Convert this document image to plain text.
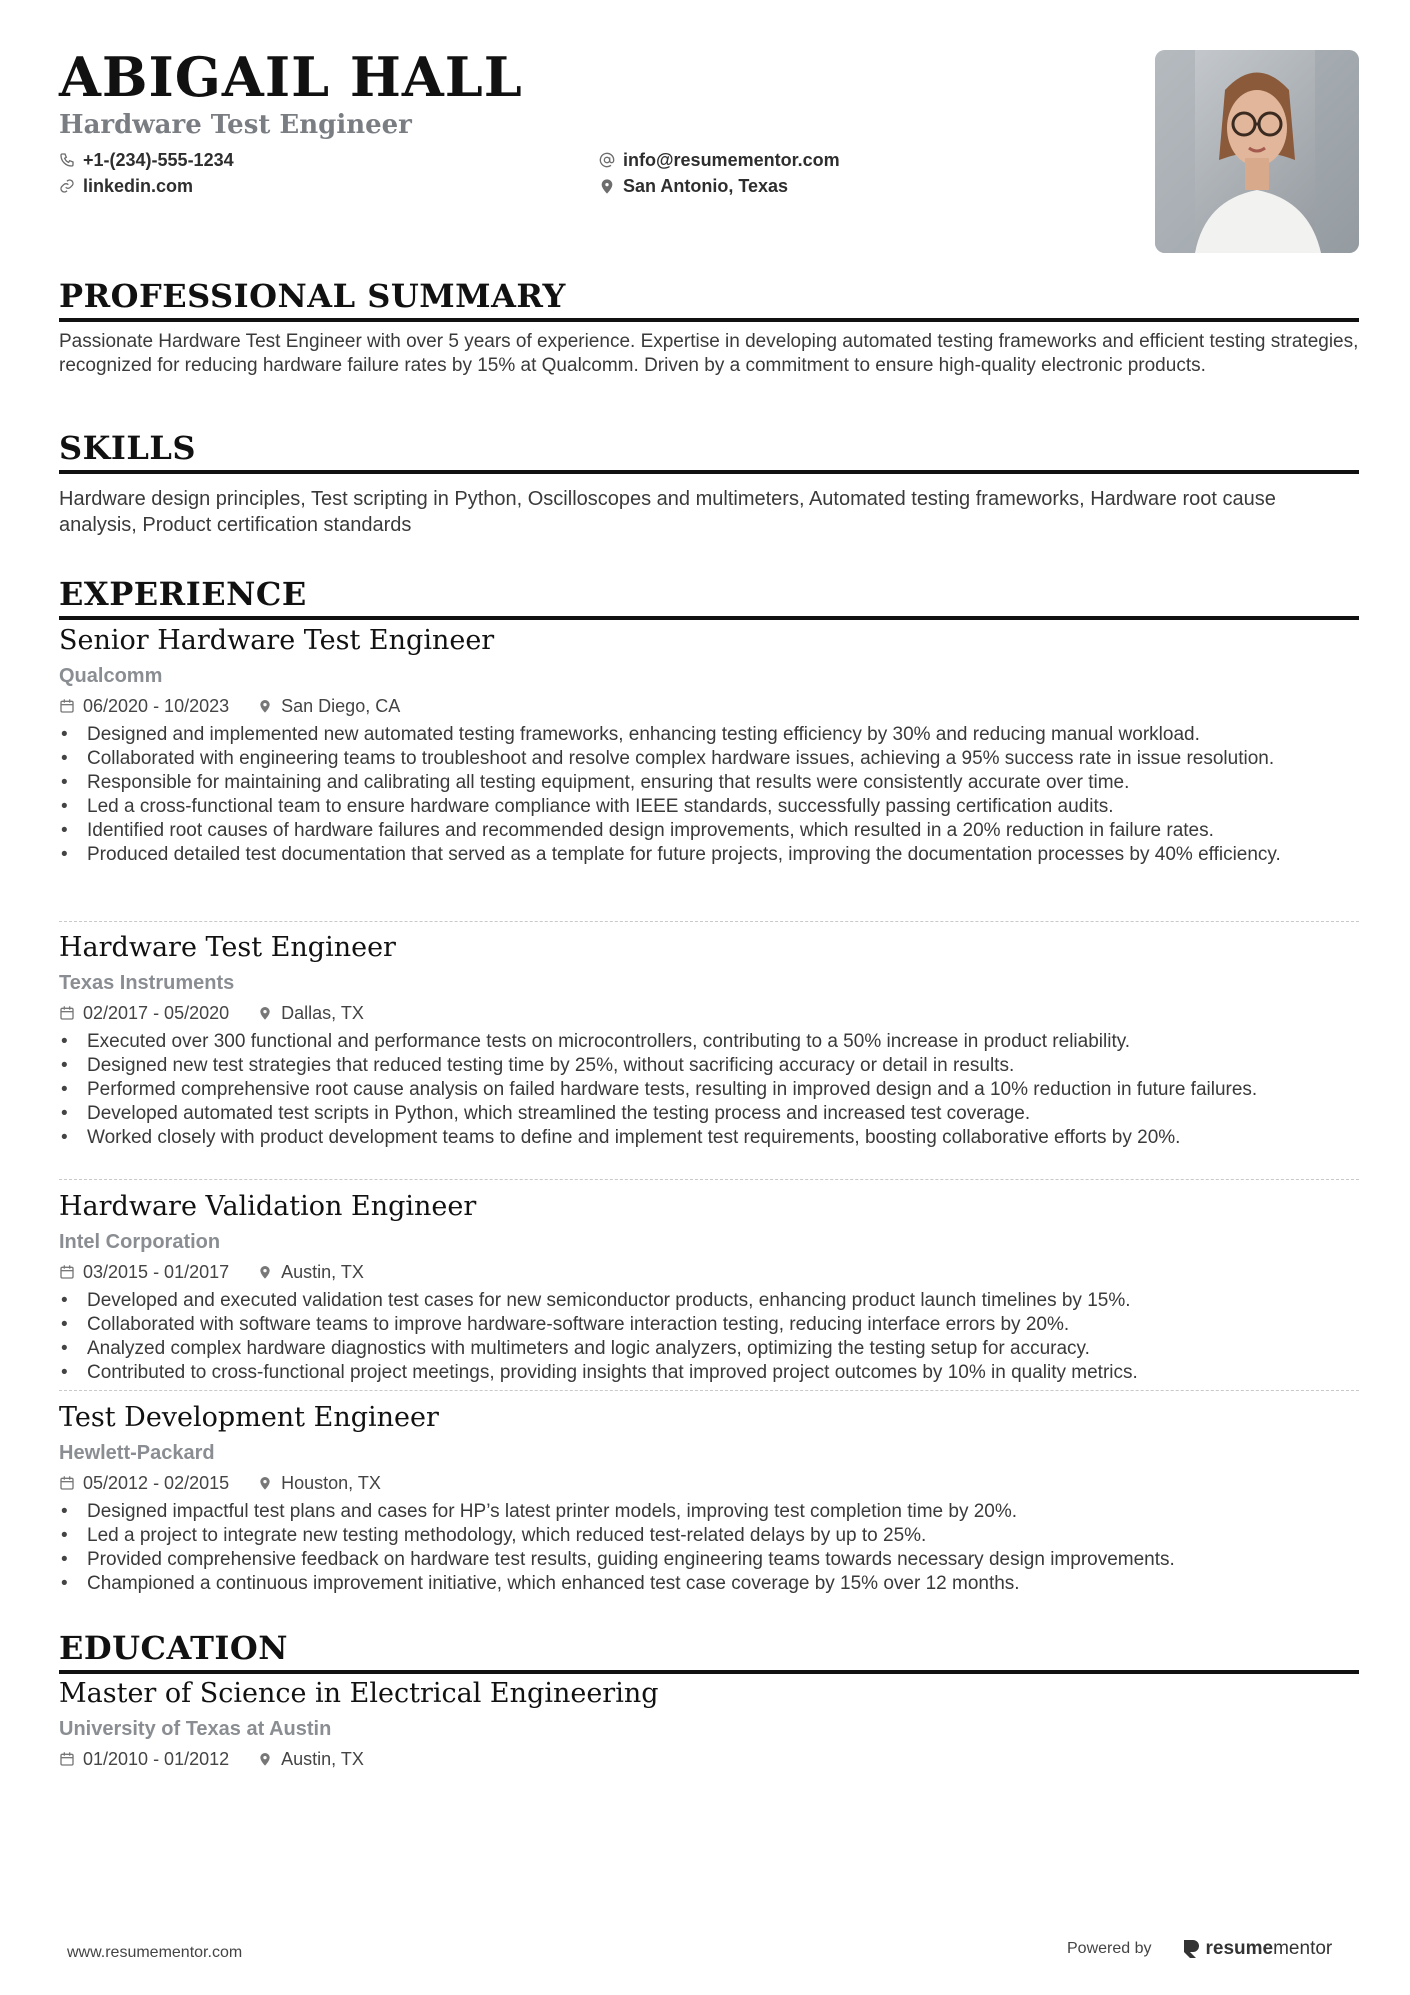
ABIGAIL HALL
Hardware Test Engineer
+1-(234)-555-1234
linkedin.com
info@resumementor.com
San Antonio, Texas
PROFESSIONAL SUMMARY
Passionate Hardware Test Engineer with over 5 years of experience. Expertise in developing automated testing frameworks and efficient testing strategies, recognized for reducing hardware failure rates by 15% at Qualcomm. Driven by a commitment to ensure high-quality electronic products.
SKILLS
Hardware design principles, Test scripting in Python, Oscilloscopes and multimeters, Automated testing frameworks, Hardware root cause analysis, Product certification standards
EXPERIENCE
Senior Hardware Test Engineer
Qualcomm
06/2020 - 10/2023	San Diego, CA
• Designed and implemented new automated testing frameworks, enhancing testing efficiency by 30% and reducing manual workload.
• Collaborated with engineering teams to troubleshoot and resolve complex hardware issues, achieving a 95% success rate in issue resolution.
• Responsible for maintaining and calibrating all testing equipment, ensuring that results were consistently accurate over time.
• Led a cross-functional team to ensure hardware compliance with IEEE standards, successfully passing certification audits.
• Identified root causes of hardware failures and recommended design improvements, which resulted in a 20% reduction in failure rates.
• Produced detailed test documentation that served as a template for future projects, improving the documentation processes by 40% efficiency.
Hardware Test Engineer
Texas Instruments
02/2017 - 05/2020	Dallas, TX
• Executed over 300 functional and performance tests on microcontrollers, contributing to a 50% increase in product reliability.
• Designed new test strategies that reduced testing time by 25%, without sacrificing accuracy or detail in results.
• Performed comprehensive root cause analysis on failed hardware tests, resulting in improved design and a 10% reduction in future failures.
• Developed automated test scripts in Python, which streamlined the testing process and increased test coverage.
• Worked closely with product development teams to define and implement test requirements, boosting collaborative efforts by 20%.
Hardware Validation Engineer
Intel Corporation
03/2015 - 01/2017	Austin, TX
• Developed and executed validation test cases for new semiconductor products, enhancing product launch timelines by 15%.
• Collaborated with software teams to improve hardware-software interaction testing, reducing interface errors by 20%.
• Analyzed complex hardware diagnostics with multimeters and logic analyzers, optimizing the testing setup for accuracy.
• Contributed to cross-functional project meetings, providing insights that improved project outcomes by 10% in quality metrics.
Test Development Engineer
Hewlett-Packard
05/2012 - 02/2015	Houston, TX
• Designed impactful test plans and cases for HP’s latest printer models, improving test completion time by 20%.
• Led a project to integrate new testing methodology, which reduced test-related delays by up to 25%.
• Provided comprehensive feedback on hardware test results, guiding engineering teams towards necessary design improvements.
• Championed a continuous improvement initiative, which enhanced test case coverage by 15% over 12 months.
EDUCATION
Master of Science in Electrical Engineering
University of Texas at Austin
01/2010 - 01/2012	Austin, TX
www.resumementor.com	Powered by	resumementor
